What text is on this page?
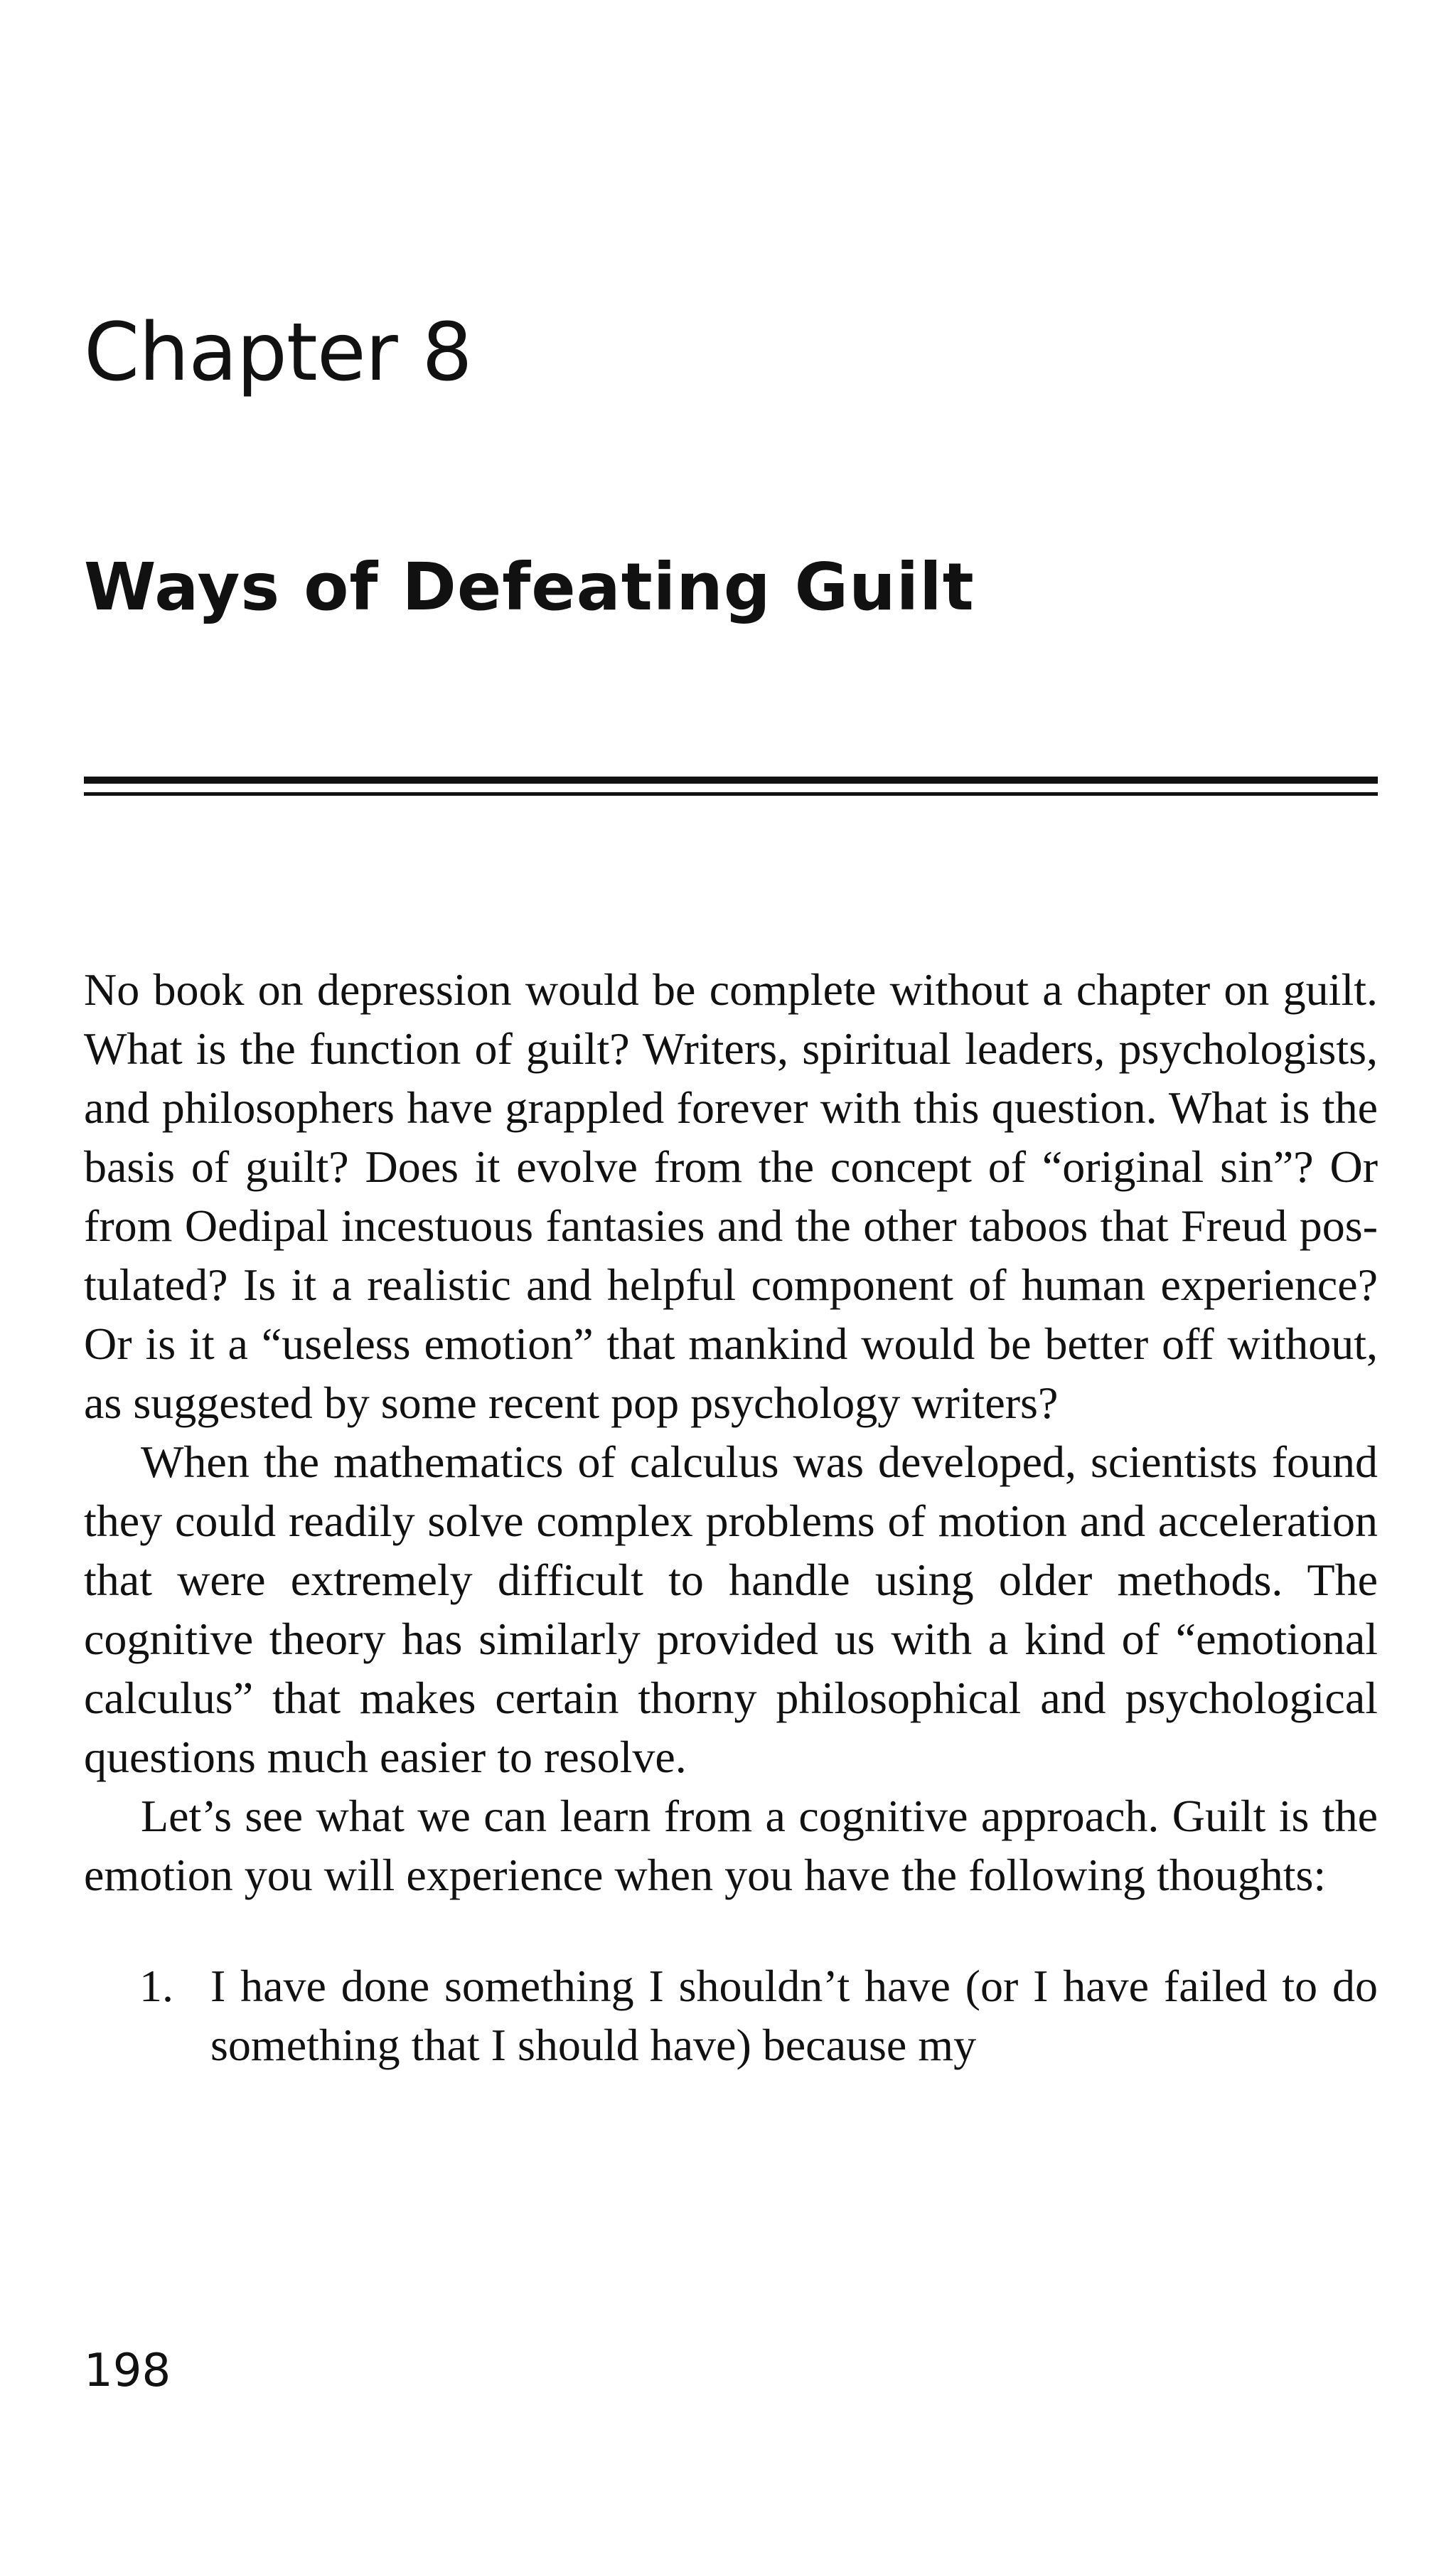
Chapter 8
Ways of Defeating Guilt

No book on depression would be complete without a chapter on guilt. What is the function of guilt? Writers, spiritual leaders, psychologists, and philosophers have grappled forever with this question. What is the basis of guilt? Does it evolve from the concept of “original sin”? Or from Oedipal incestuous fantasies and the other taboos that Freud postulated? Is it a realistic and helpful component of human experience? Or is it a “useless emotion” that mankind would be better off without, as suggested by some recent pop psychology writers?

When the mathematics of calculus was developed, scientists found they could readily solve complex problems of motion and acceleration that were extremely difficult to handle using older methods. The cognitive theory has similarly provided us with a kind of “emotional calculus” that makes certain thorny philosophical and psychological questions much easier to resolve.

Let’s see what we can learn from a cognitive approach. Guilt is the emotion you will experience when you have the following thoughts:

1. I have done something I shouldn’t have (or I have failed to do something that I should have) because my
198
